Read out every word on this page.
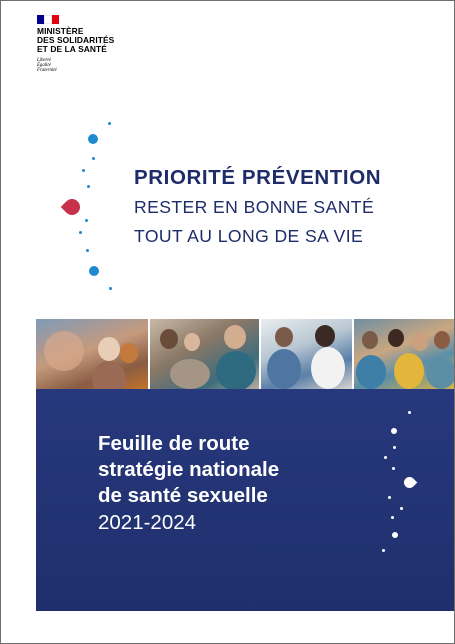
MINISTÈRE
DES SOLIDARITÉS
ET DE LA SANTÉ
Liberté
Égalité
Fraternité
PRIORITÉ PRÉVENTION
RESTER EN BONNE SANTÉ
TOUT AU LONG DE SA VIE
Feuille de route
stratégie nationale
de santé sexuelle
2021-2024
